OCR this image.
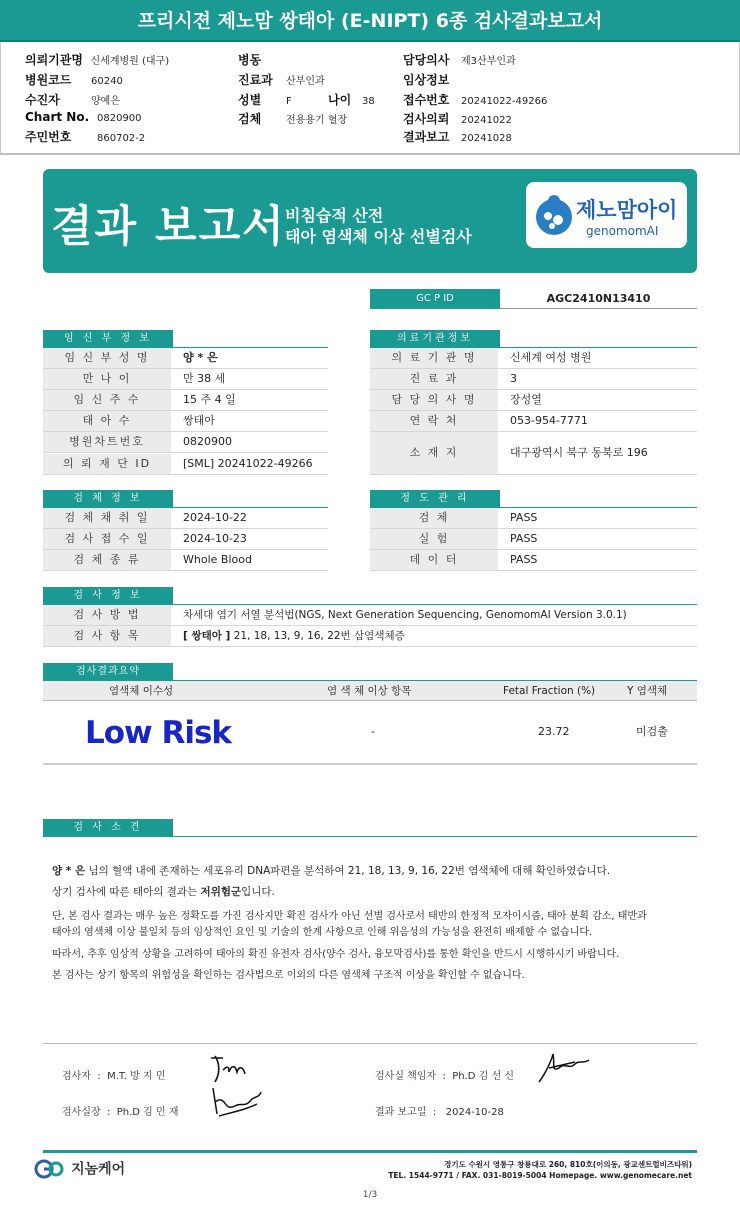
프리시젼 제노맘 쌍태아 (E-NIPT) 6종 검사결과보고서
의뢰기관명 신세계병원 (대구)
병원코드 60240
수진자	양예은
Chart No. 0820900
주민번호	860702-2
병동
진료과 산부인과
성별 F	나이 38
검체 전용용기 혈장
담당의사 제3산부인과
임상정보
접수번호 20241022-49266
검사의뢰 20241022
결과보고 20241028
결과 보고서 비침습적 산전
태아 염색체 이상 선별검사
제노맘아이
genomomAI
GC P ID	AGC2410N13410
임 신 부 정 보
임 신 부 성 명	양 * 은
만 나 이	만 38 세
임 신 주 수	15 주 4 일
태 아 수	쌍태아
병원차트번호	0820900
의 뢰 재 단 ID	[SML] 20241022-49266
의료기관정보
의 료 기 관 명	신세계 여성 병원
진 료 과	3
담 당 의 사 명	장성열
연 락 처	053-954-7771
소 재 지	대구광역시 북구 동북로 196
검 체 정 보
검 체 채 취 일	2024-10-22
검 사 접 수 일	2024-10-23
검 체 종 류	Whole Blood
정 도 관 리
검 체	PASS
실 험	PASS
데 이 터	PASS
검 사 정 보
검 사 방 법	차세대 염기 서열 분석법(NGS, Next Generation Sequencing, GenomomAI Version 3.0.1)
검 사 항 목	[ 쌍태아 ] 21, 18, 13, 9, 16, 22번 삼염색체증
검사결과요약
염색체 이수성	염 색 체 이상 항목	Fetal Fraction (%)	Y 염색체
Low Risk	-	23.72	미검출
검 사 소 견
양 * 은 님의 혈액 내에 존재하는 세포유리 DNA파편을 분석하여 21, 18, 13, 9, 16, 22번 염색체에 대해 확인하였습니다.
상기 검사에 따른 태아의 결과는 저위험군입니다.
단, 본 검사 결과는 매우 높은 정확도를 가진 검사지만 확진 검사가 아닌 선별 검사로서 태반의 한정적 모자이시즘, 태아 분획 감소, 태반과
태아의 염색체 이상 불일치 등의 임상적인 요인 및 기술의 한계 사항으로 인해 위음성의 가능성을 완전히 배제할 수 없습니다.
따라서, 추후 임상적 상황을 고려하여 태아의 확진 유전자 검사(양수 검사, 융모막검사)를 통한 확인을 반드시 시행하시기 바랍니다.
본 검사는 상기 항목의 위험성을 확인하는 검사법으로 이외의 다른 염색체 구조적 이상을 확인할 수 없습니다.
검사자  :  M.T. 방 지 민
검사실장  :  Ph.D 김 민 재
검사실 책임자  :  Ph.D 김 선 신
결과 보고일  :   2024-10-28
지놈케어	경기도 수원시 영통구 창룡대로 260, 810호(이의동, 광교센트럴비즈타워)
TEL. 1544-9771 / FAX. 031-8019-5004 Homepage. www.genomecare.net
1/3
